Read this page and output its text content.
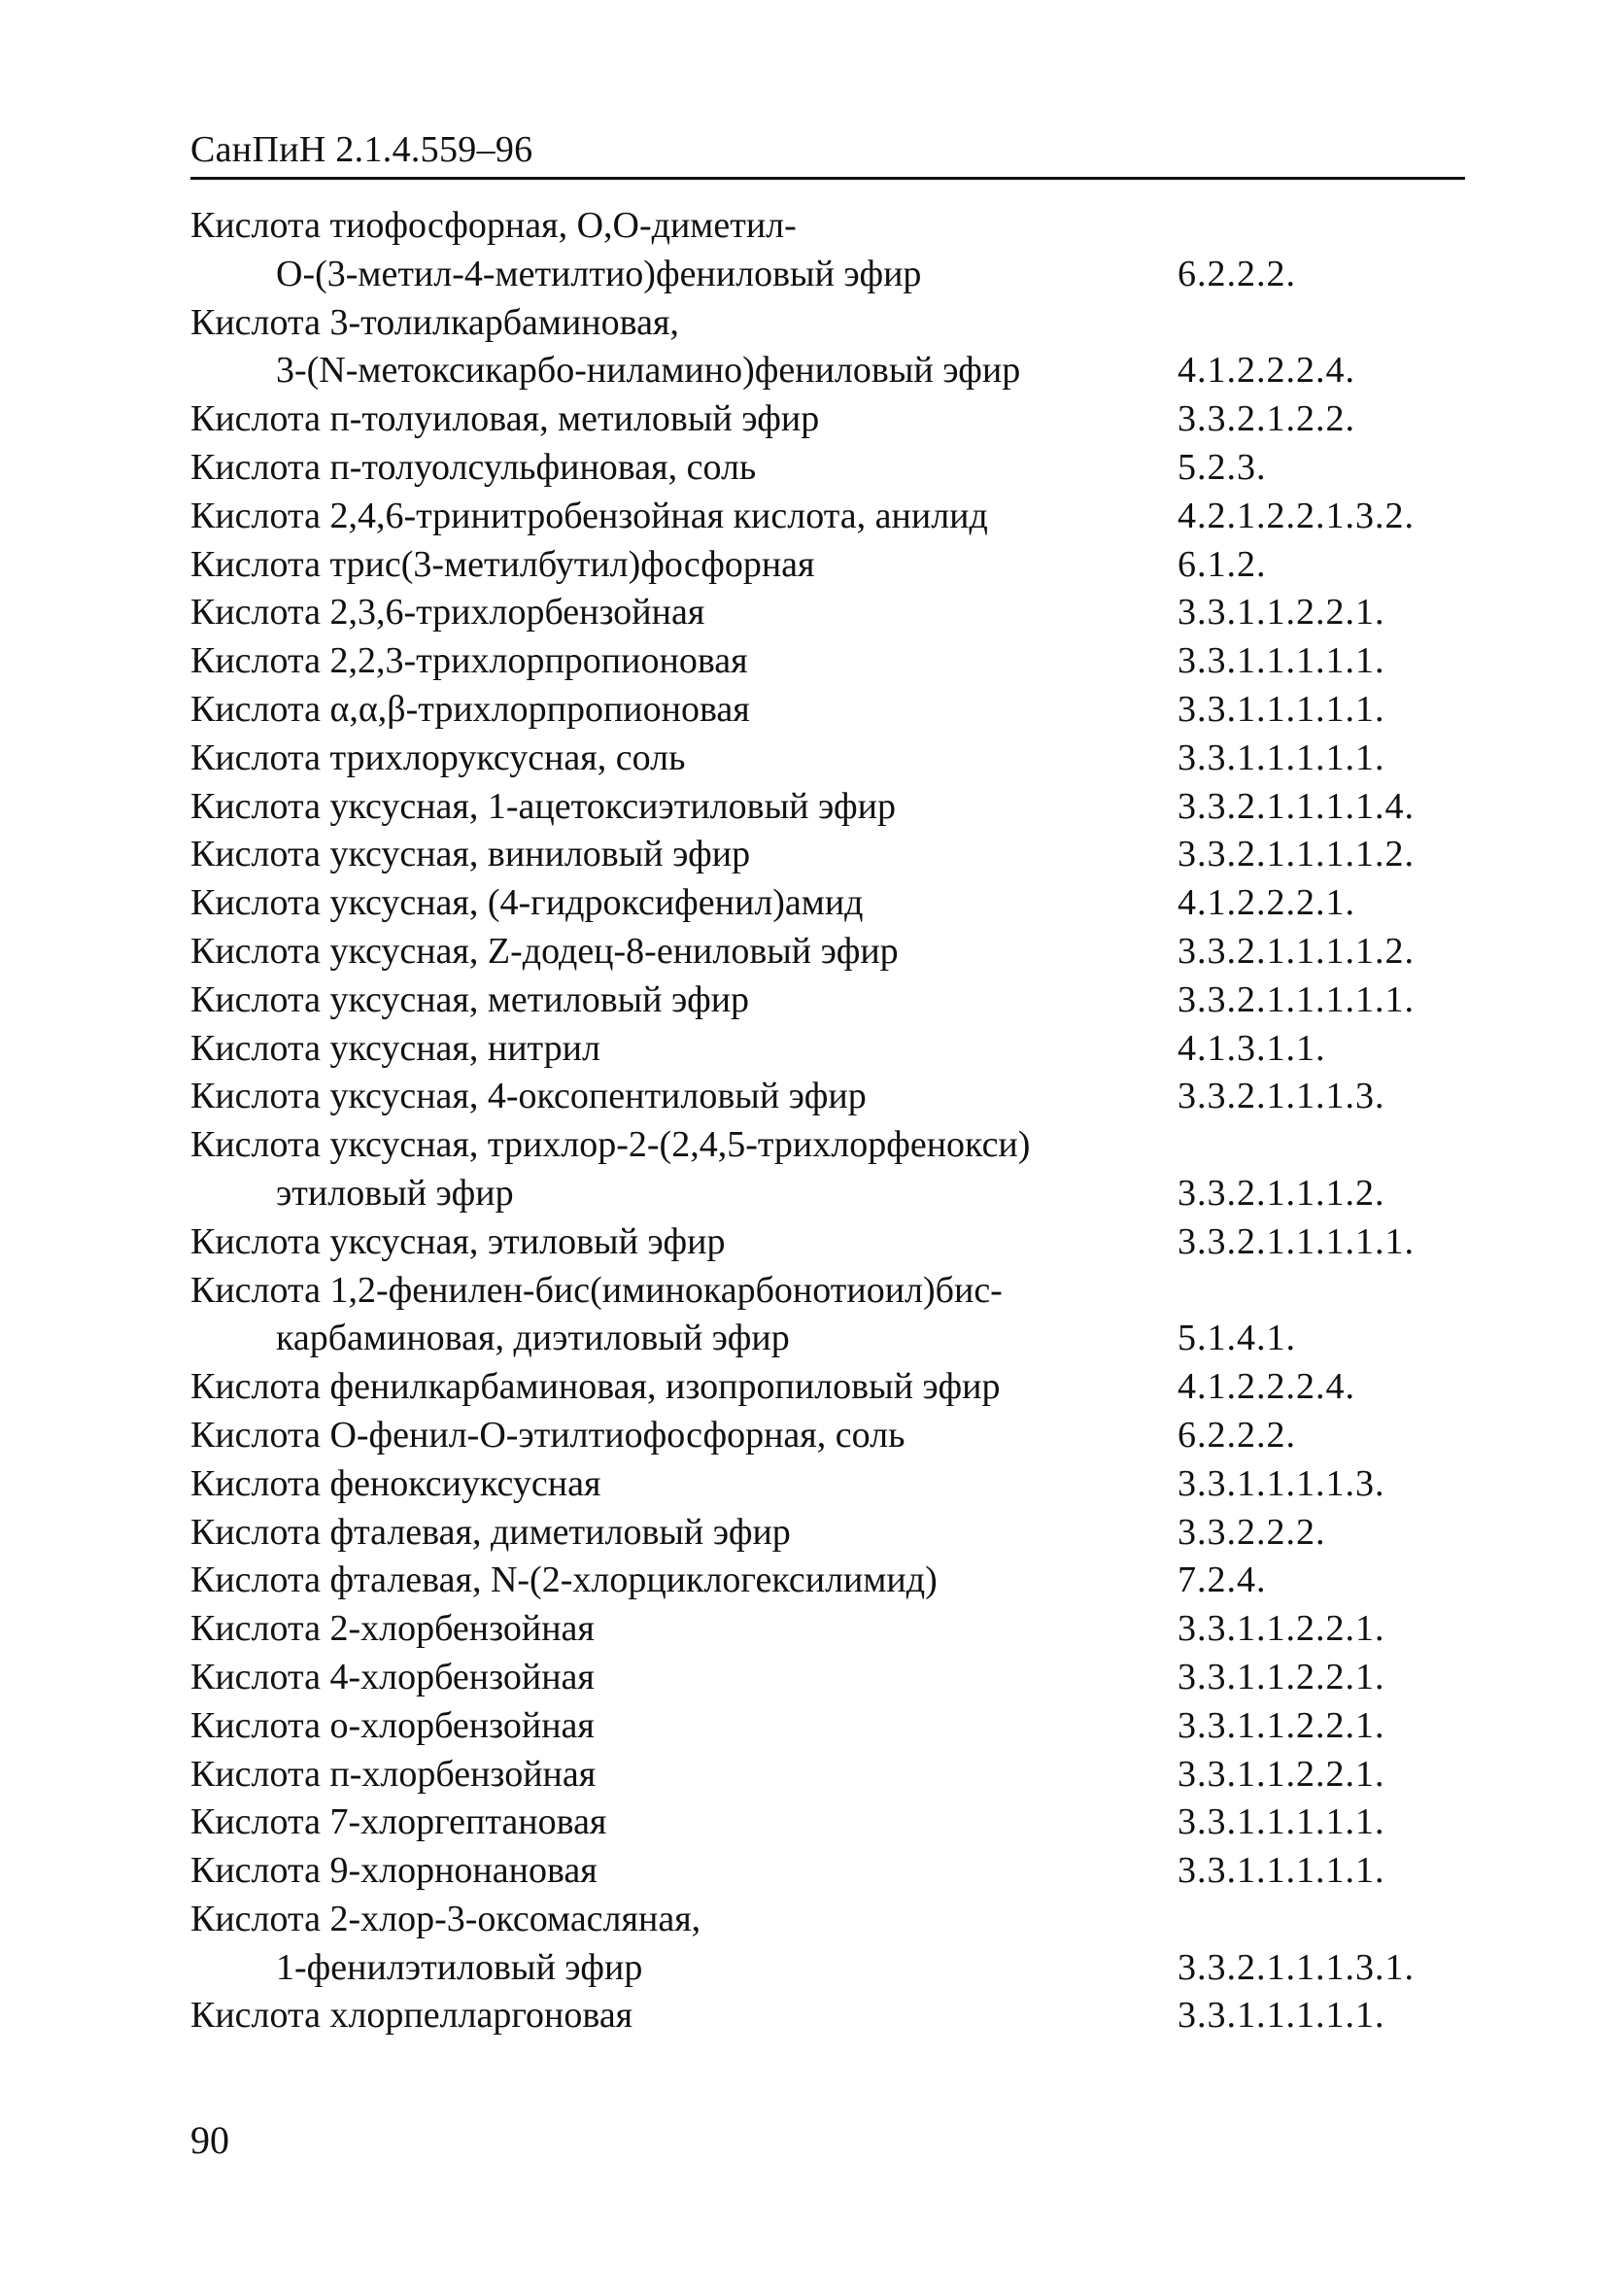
СанПиН 2.1.4.559–96
Кислота тиофосфорная, О,О-диметил-
О-(3-метил-4-метилтио)фениловый эфир	6.2.2.2.
Кислота 3-толилкарбаминовая,
3-(N-метоксикарбо-ниламино)фениловый эфир	4.1.2.2.2.4.
Кислота п-толуиловая, метиловый эфир	3.3.2.1.2.2.
Кислота п-толуолсульфиновая, соль	5.2.3.
Кислота 2,4,6-тринитробензойная кислота, анилид	4.2.1.2.2.1.3.2.
Кислота трис(3-метилбутил)фосфорная	6.1.2.
Кислота 2,3,6-трихлорбензойная	3.3.1.1.2.2.1.
Кислота 2,2,3-трихлорпропионовая	3.3.1.1.1.1.1.
Кислота α,α,β-трихлорпропионовая	3.3.1.1.1.1.1.
Кислота трихлоруксусная, соль	3.3.1.1.1.1.1.
Кислота уксусная, 1-ацетоксиэтиловый эфир	3.3.2.1.1.1.1.4.
Кислота уксусная, виниловый эфир	3.3.2.1.1.1.1.2.
Кислота уксусная, (4-гидроксифенил)амид	4.1.2.2.2.1.
Кислота уксусная, Z-додец-8-ениловый эфир	3.3.2.1.1.1.1.2.
Кислота уксусная, метиловый эфир	3.3.2.1.1.1.1.1.
Кислота уксусная, нитрил	4.1.3.1.1.
Кислота уксусная, 4-оксопентиловый эфир	3.3.2.1.1.1.3.
Кислота уксусная, трихлор-2-(2,4,5-трихлорфенокси)
этиловый эфир	3.3.2.1.1.1.2.
Кислота уксусная, этиловый эфир	3.3.2.1.1.1.1.1.
Кислота 1,2-фенилен-бис(иминокарбонотиоил)бис-
карбаминовая, диэтиловый эфир	5.1.4.1.
Кислота фенилкарбаминовая, изопропиловый эфир	4.1.2.2.2.4.
Кислота О-фенил-О-этилтиофосфорная, соль	6.2.2.2.
Кислота феноксиуксусная	3.3.1.1.1.1.3.
Кислота фталевая, диметиловый эфир	3.3.2.2.2.
Кислота фталевая, N-(2-хлорциклогексилимид)	7.2.4.
Кислота 2-хлорбензойная	3.3.1.1.2.2.1.
Кислота 4-хлорбензойная	3.3.1.1.2.2.1.
Кислота о-хлорбензойная	3.3.1.1.2.2.1.
Кислота п-хлорбензойная	3.3.1.1.2.2.1.
Кислота 7-хлоргептановая	3.3.1.1.1.1.1.
Кислота 9-хлорнонановая	3.3.1.1.1.1.1.
Кислота 2-хлор-3-оксомасляная,
1-фенилэтиловый эфир	3.3.2.1.1.1.3.1.
Кислота хлорпелларгоновая	3.3.1.1.1.1.1.
90
